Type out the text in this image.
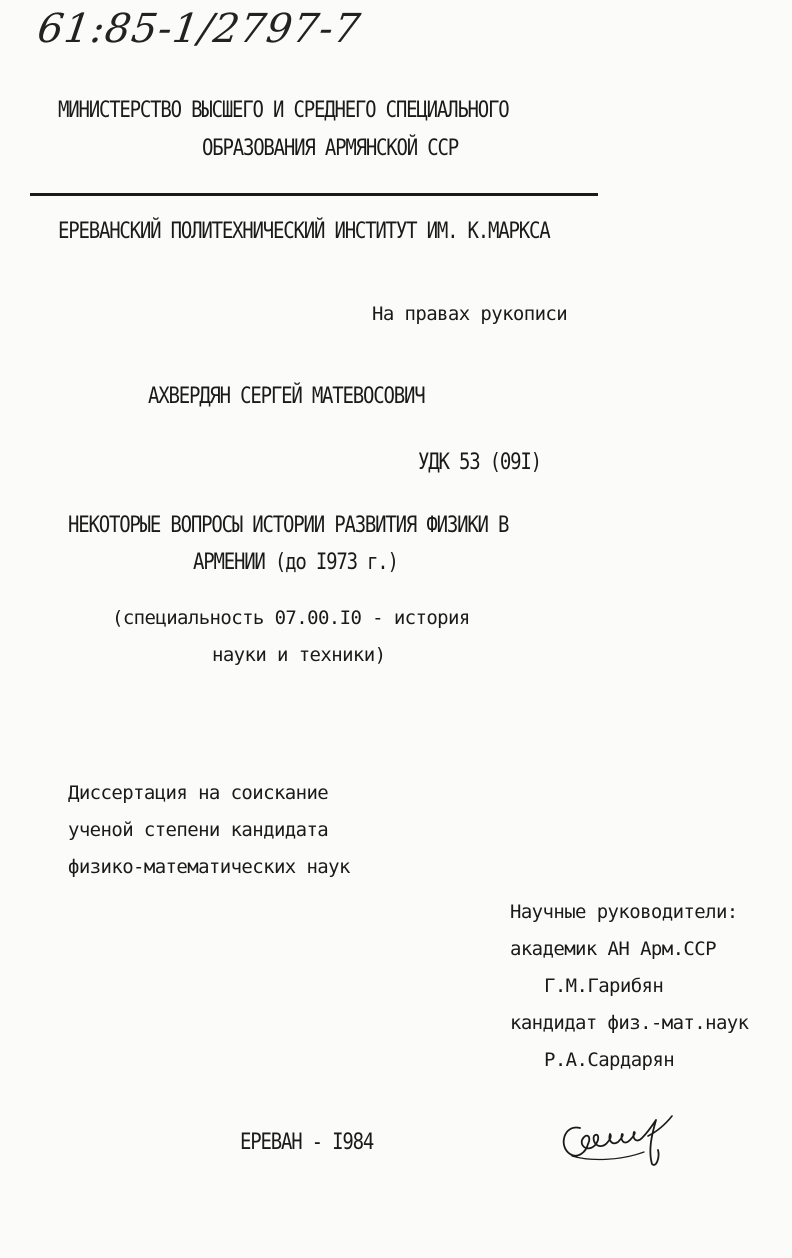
61:85-1/2797-7
МИНИСТЕРСТВО ВЫСШЕГО И СРЕДНЕГО СПЕЦИАЛЬНОГО
ОБРАЗОВАНИЯ АРМЯНСКОЙ ССР
ЕРЕВАНСКИЙ ПОЛИТЕХНИЧЕСКИЙ ИНСТИТУТ ИМ. К.МАРКСА
На правах рукописи
АХВЕРДЯН СЕРГЕЙ МАТЕВОСОВИЧ
УДК 53 (09I)
НЕКОТОРЫЕ ВОПРОСЫ ИСТОРИИ РАЗВИТИЯ ФИЗИКИ В
АРМЕНИИ (до I973 г.)
(специальность 07.00.I0 - история
науки и техники)
Диссертация на соискание
ученой степени кандидата
физико-математических наук
Научные руководители:
академик АН Арм.ССР
Г.М.Гарибян
кандидат физ.-мат.наук
Р.А.Сардарян
ЕРЕВАН - I984
